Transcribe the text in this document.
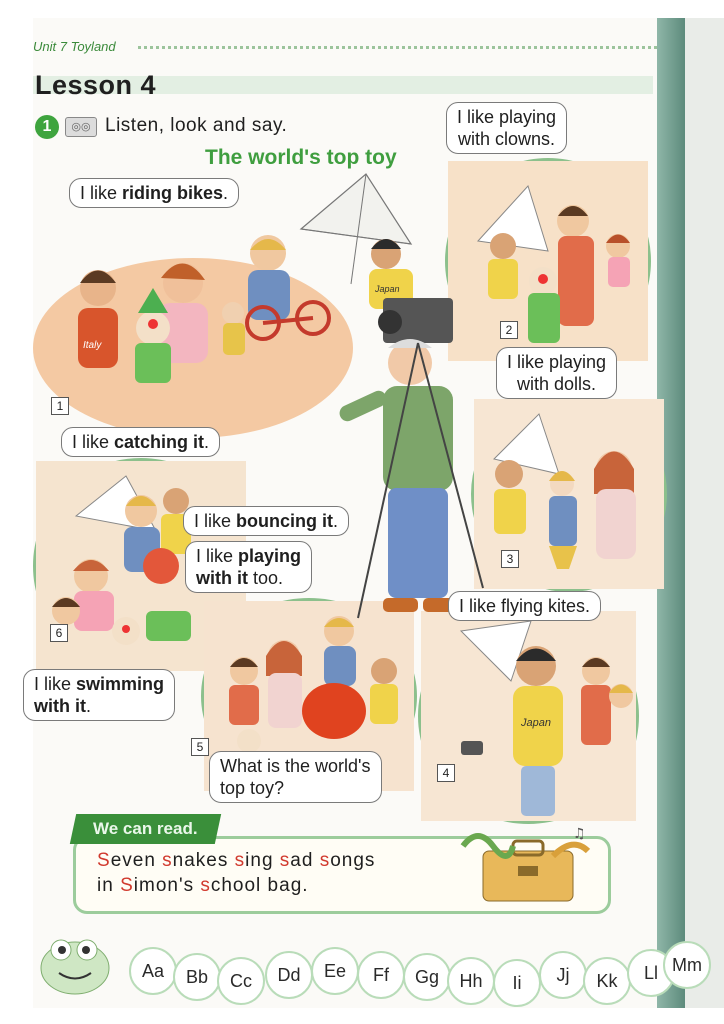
Unit 7 Toyland
Lesson 4
1	◎◎ Listen, look and say.
The world's top toy
Italy
1
Japan
2
3
6
5
Japan
4
I like riding bikes.
I like playing
with clowns.
I like playing
with dolls.
I like catching it.
I like bouncing it.
I like playing
with it too.
I like flying kites.
I like swimming
with it.
What is the world's
top toy?
We can read.
Seven snakes sing sad songs
in Simon's school bag.
♫
Aa	Bb	Cc	Dd	Ee	Ff	Gg	Hh	Ii	Jj	Kk	Ll Mm
